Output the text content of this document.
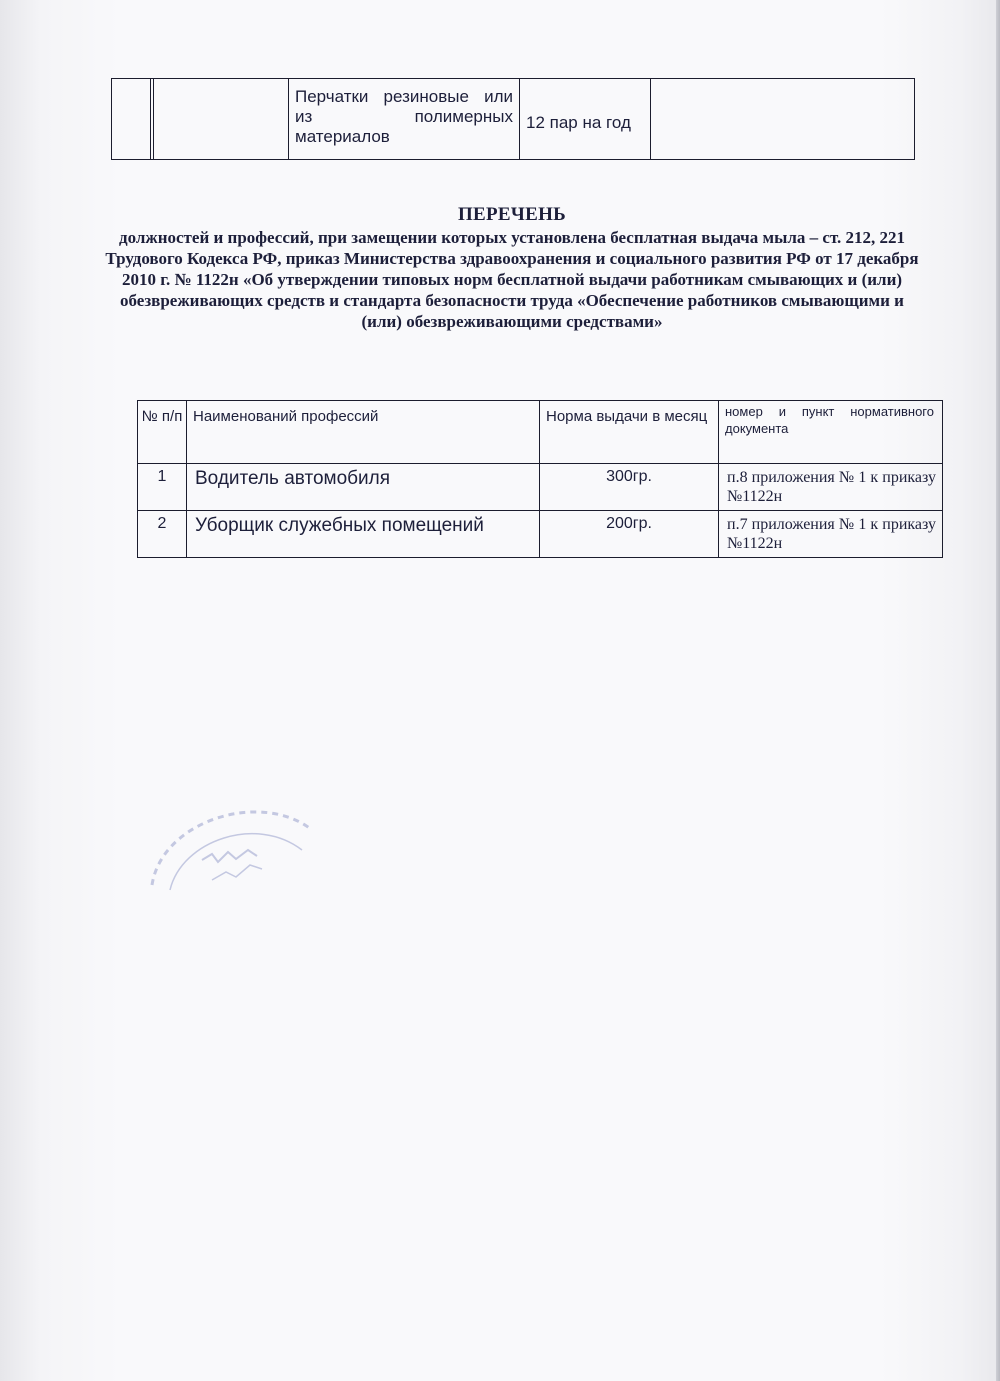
			Перчатки резиновые или из полимерных материалов	12 пар на год	
ПЕРЕЧЕНЬ
должностей и профессий, при замещении которых установлена бесплатная выдача мыла – ст. 212, 221 Трудового Кодекса РФ, приказ Министерства здравоохранения и социального развития РФ от 17 декабря 2010 г. № 1122н «Об утверждении типовых норм бесплатной выдачи работникам смывающих и (или) обезвреживающих средств и стандарта безопасности труда «Обеспечение работников смывающими и (или) обезвреживающими средствами»
№ п/п	Наименований профессий	Норма выдачи в месяц	номер и пункт нормативного документа
1	Водитель автомобиля	300гр.	п.8 приложения № 1 к приказу №1122н
2	Уборщик служебных помещений	200гр.	п.7 приложения № 1 к приказу №1122н
